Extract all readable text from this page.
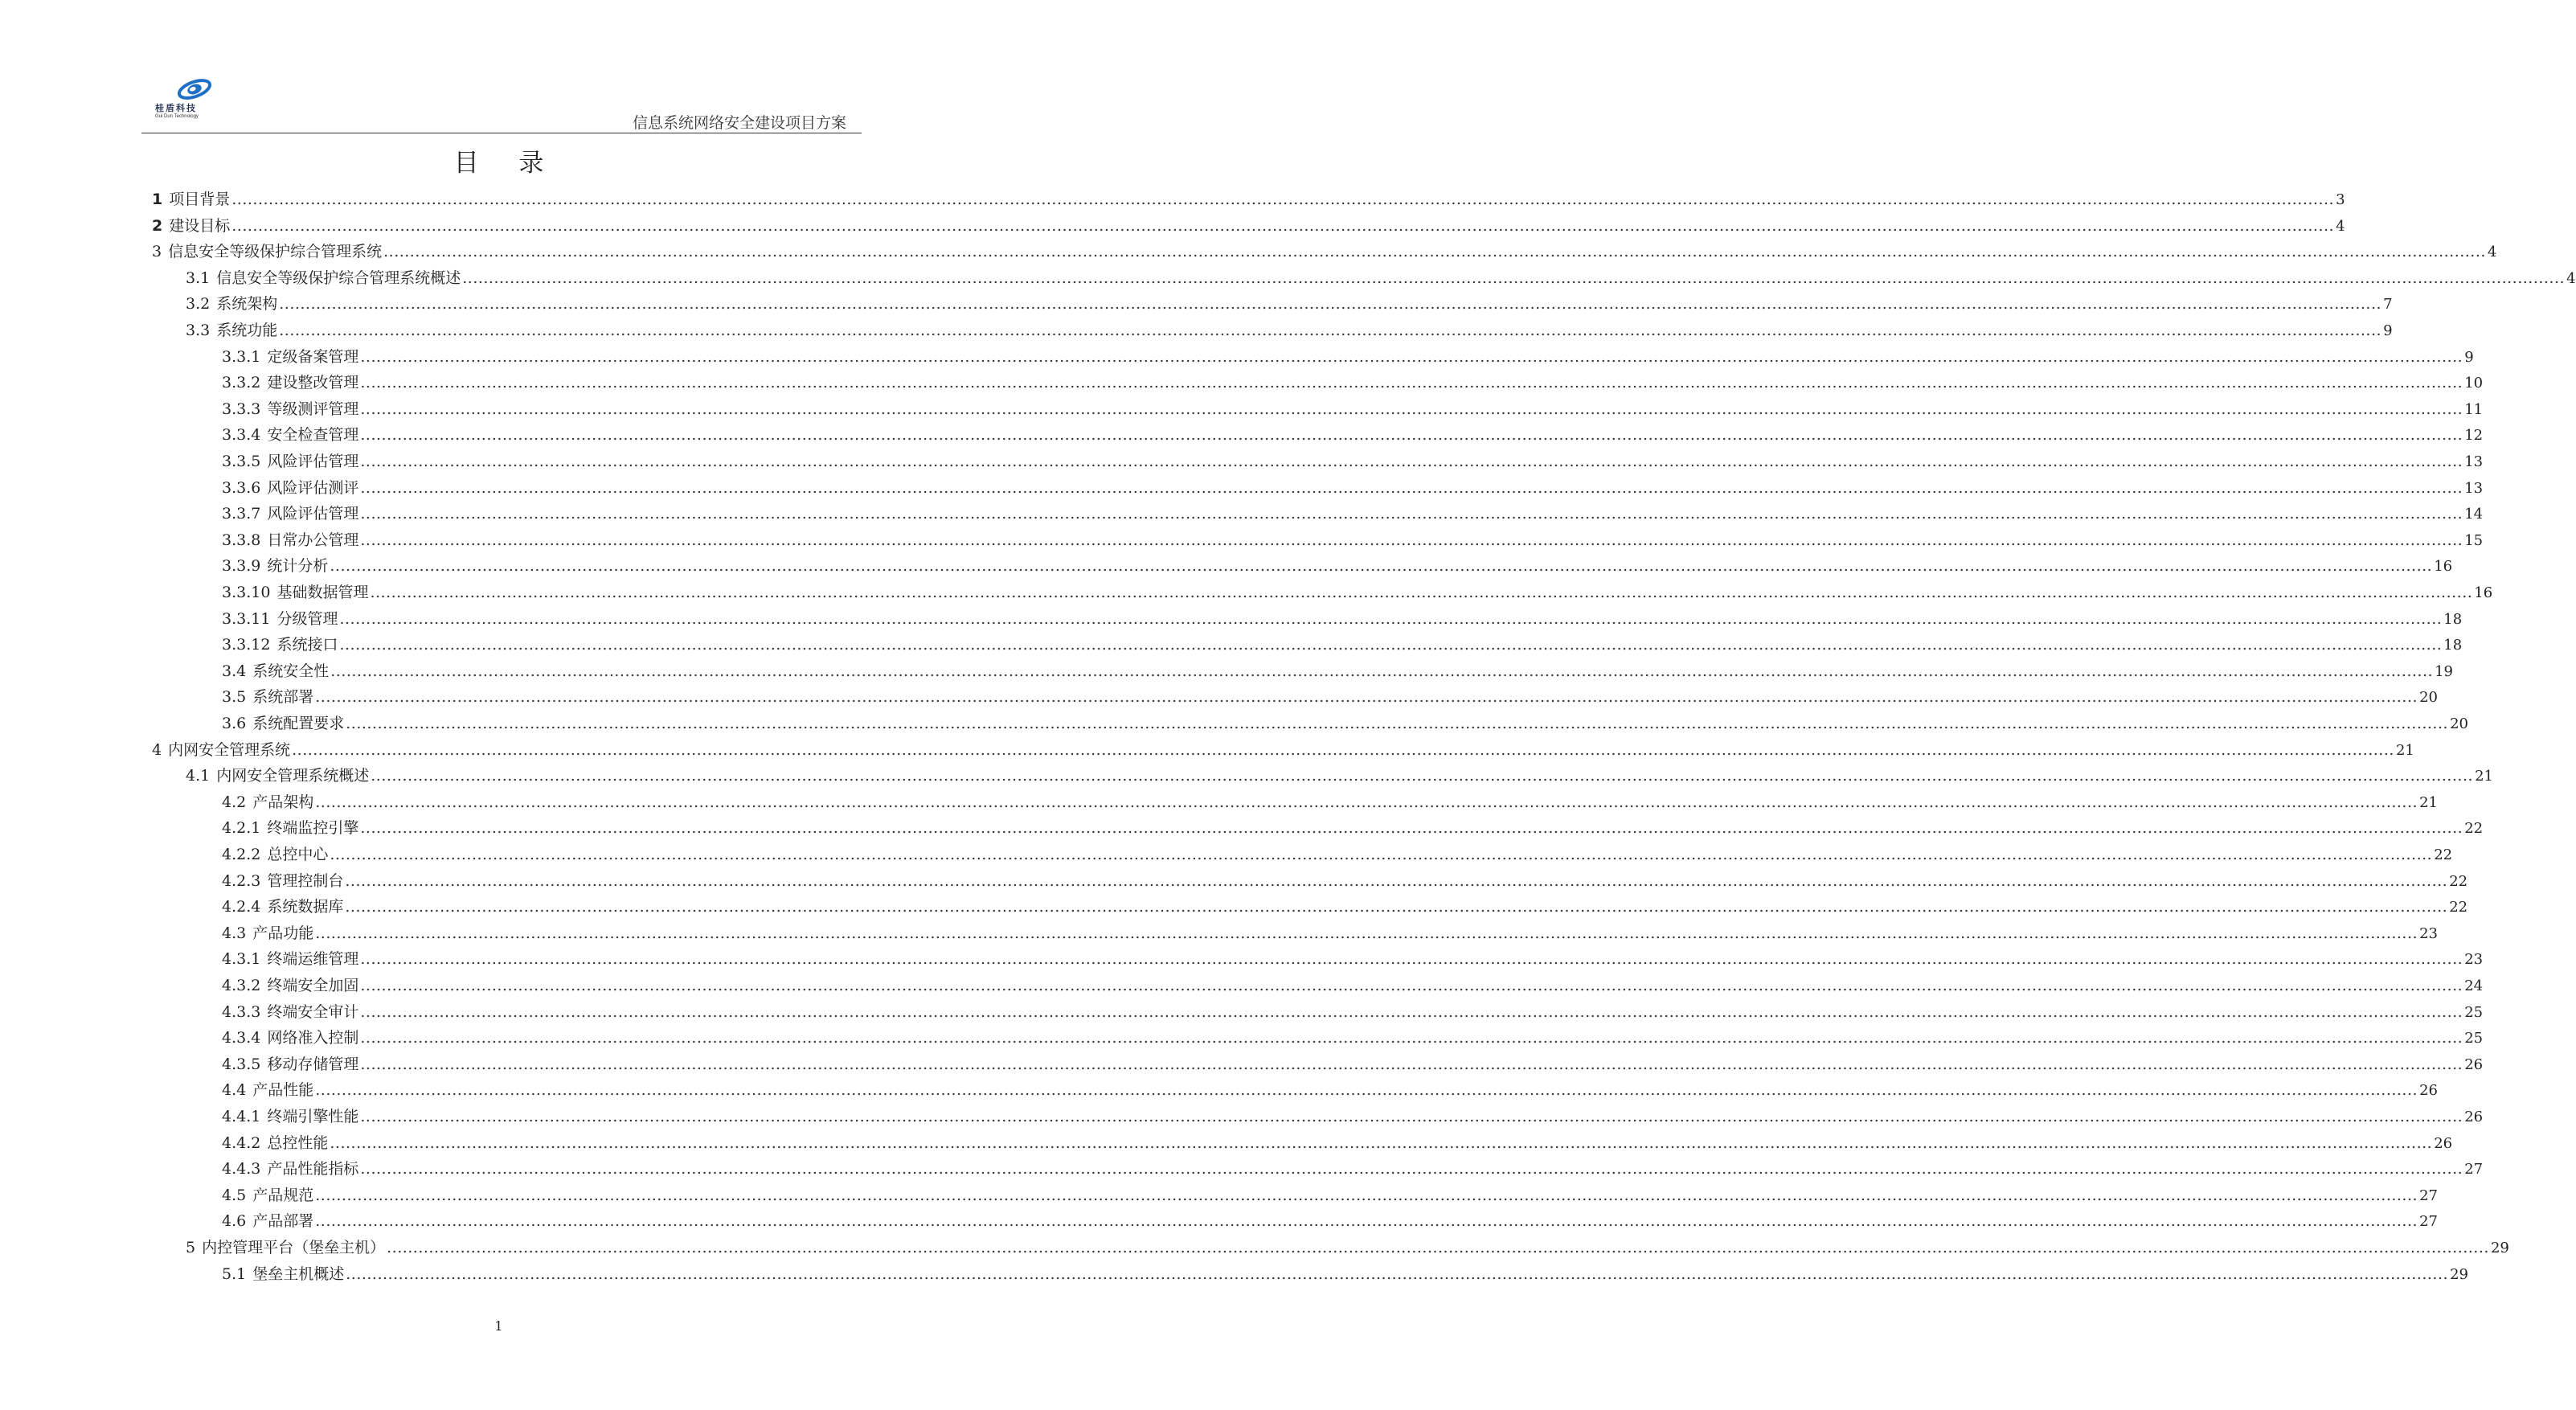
桂盾科技
Gui Dun Technology	信息系统网络安全建设项目方案
目 录
1 项目背景 ................................................................................................................................................................................................................................................................................................................................................................................................................ 3
2 建设目标 ................................................................................................................................................................................................................................................................................................................................................................................................................ 4
3 信息安全等级保护综合管理系统 ................................................................................................................................................................................................................................................................................................................................................................................................................ 4
3.1 信息安全等级保护综合管理系统概述 ................................................................................................................................................................................................................................................................................................................................................................................................................ 4
3.2 系统架构 ................................................................................................................................................................................................................................................................................................................................................................................................................ 7
3.3 系统功能 ................................................................................................................................................................................................................................................................................................................................................................................................................ 9
3.3.1 定级备案管理 ................................................................................................................................................................................................................................................................................................................................................................................................................ 9
3.3.2 建设整改管理 ................................................................................................................................................................................................................................................................................................................................................................................................................ 10
3.3.3 等级测评管理 ................................................................................................................................................................................................................................................................................................................................................................................................................ 11
3.3.4 安全检查管理 ................................................................................................................................................................................................................................................................................................................................................................................................................ 12
3.3.5 风险评估管理 ................................................................................................................................................................................................................................................................................................................................................................................................................ 13
3.3.6 风险评估测评 ................................................................................................................................................................................................................................................................................................................................................................................................................ 13
3.3.7 风险评估管理 ................................................................................................................................................................................................................................................................................................................................................................................................................ 14
3.3.8 日常办公管理 ................................................................................................................................................................................................................................................................................................................................................................................................................ 15
3.3.9 统计分析 ................................................................................................................................................................................................................................................................................................................................................................................................................ 16
3.3.10 基础数据管理 ................................................................................................................................................................................................................................................................................................................................................................................................................ 16
3.3.11 分级管理 ................................................................................................................................................................................................................................................................................................................................................................................................................ 18
3.3.12 系统接口 ................................................................................................................................................................................................................................................................................................................................................................................................................ 18
3.4 系统安全性 ................................................................................................................................................................................................................................................................................................................................................................................................................ 19
3.5 系统部署 ................................................................................................................................................................................................................................................................................................................................................................................................................ 20
3.6 系统配置要求 ................................................................................................................................................................................................................................................................................................................................................................................................................ 20
4 内网安全管理系统 ................................................................................................................................................................................................................................................................................................................................................................................................................ 21
4.1 内网安全管理系统概述 ................................................................................................................................................................................................................................................................................................................................................................................................................ 21
4.2 产品架构 ................................................................................................................................................................................................................................................................................................................................................................................................................ 21
4.2.1 终端监控引擎 ................................................................................................................................................................................................................................................................................................................................................................................................................ 22
4.2.2 总控中心 ................................................................................................................................................................................................................................................................................................................................................................................................................ 22
4.2.3 管理控制台 ................................................................................................................................................................................................................................................................................................................................................................................................................ 22
4.2.4 系统数据库 ................................................................................................................................................................................................................................................................................................................................................................................................................ 22
4.3 产品功能 ................................................................................................................................................................................................................................................................................................................................................................................................................ 23
4.3.1 终端运维管理 ................................................................................................................................................................................................................................................................................................................................................................................................................ 23
4.3.2 终端安全加固 ................................................................................................................................................................................................................................................................................................................................................................................................................ 24
4.3.3 终端安全审计 ................................................................................................................................................................................................................................................................................................................................................................................................................ 25
4.3.4 网络准入控制 ................................................................................................................................................................................................................................................................................................................................................................................................................ 25
4.3.5 移动存储管理 ................................................................................................................................................................................................................................................................................................................................................................................................................ 26
4.4 产品性能 ................................................................................................................................................................................................................................................................................................................................................................................................................ 26
4.4.1 终端引擎性能 ................................................................................................................................................................................................................................................................................................................................................................................................................ 26
4.4.2 总控性能 ................................................................................................................................................................................................................................................................................................................................................................................................................ 26
4.4.3 产品性能指标 ................................................................................................................................................................................................................................................................................................................................................................................................................ 27
4.5 产品规范 ................................................................................................................................................................................................................................................................................................................................................................................................................ 27
4.6 产品部署 ................................................................................................................................................................................................................................................................................................................................................................................................................ 27
5 内控管理平台（堡垒主机） ................................................................................................................................................................................................................................................................................................................................................................................................................ 29
5.1 堡垒主机概述 ................................................................................................................................................................................................................................................................................................................................................................................................................ 29
1
